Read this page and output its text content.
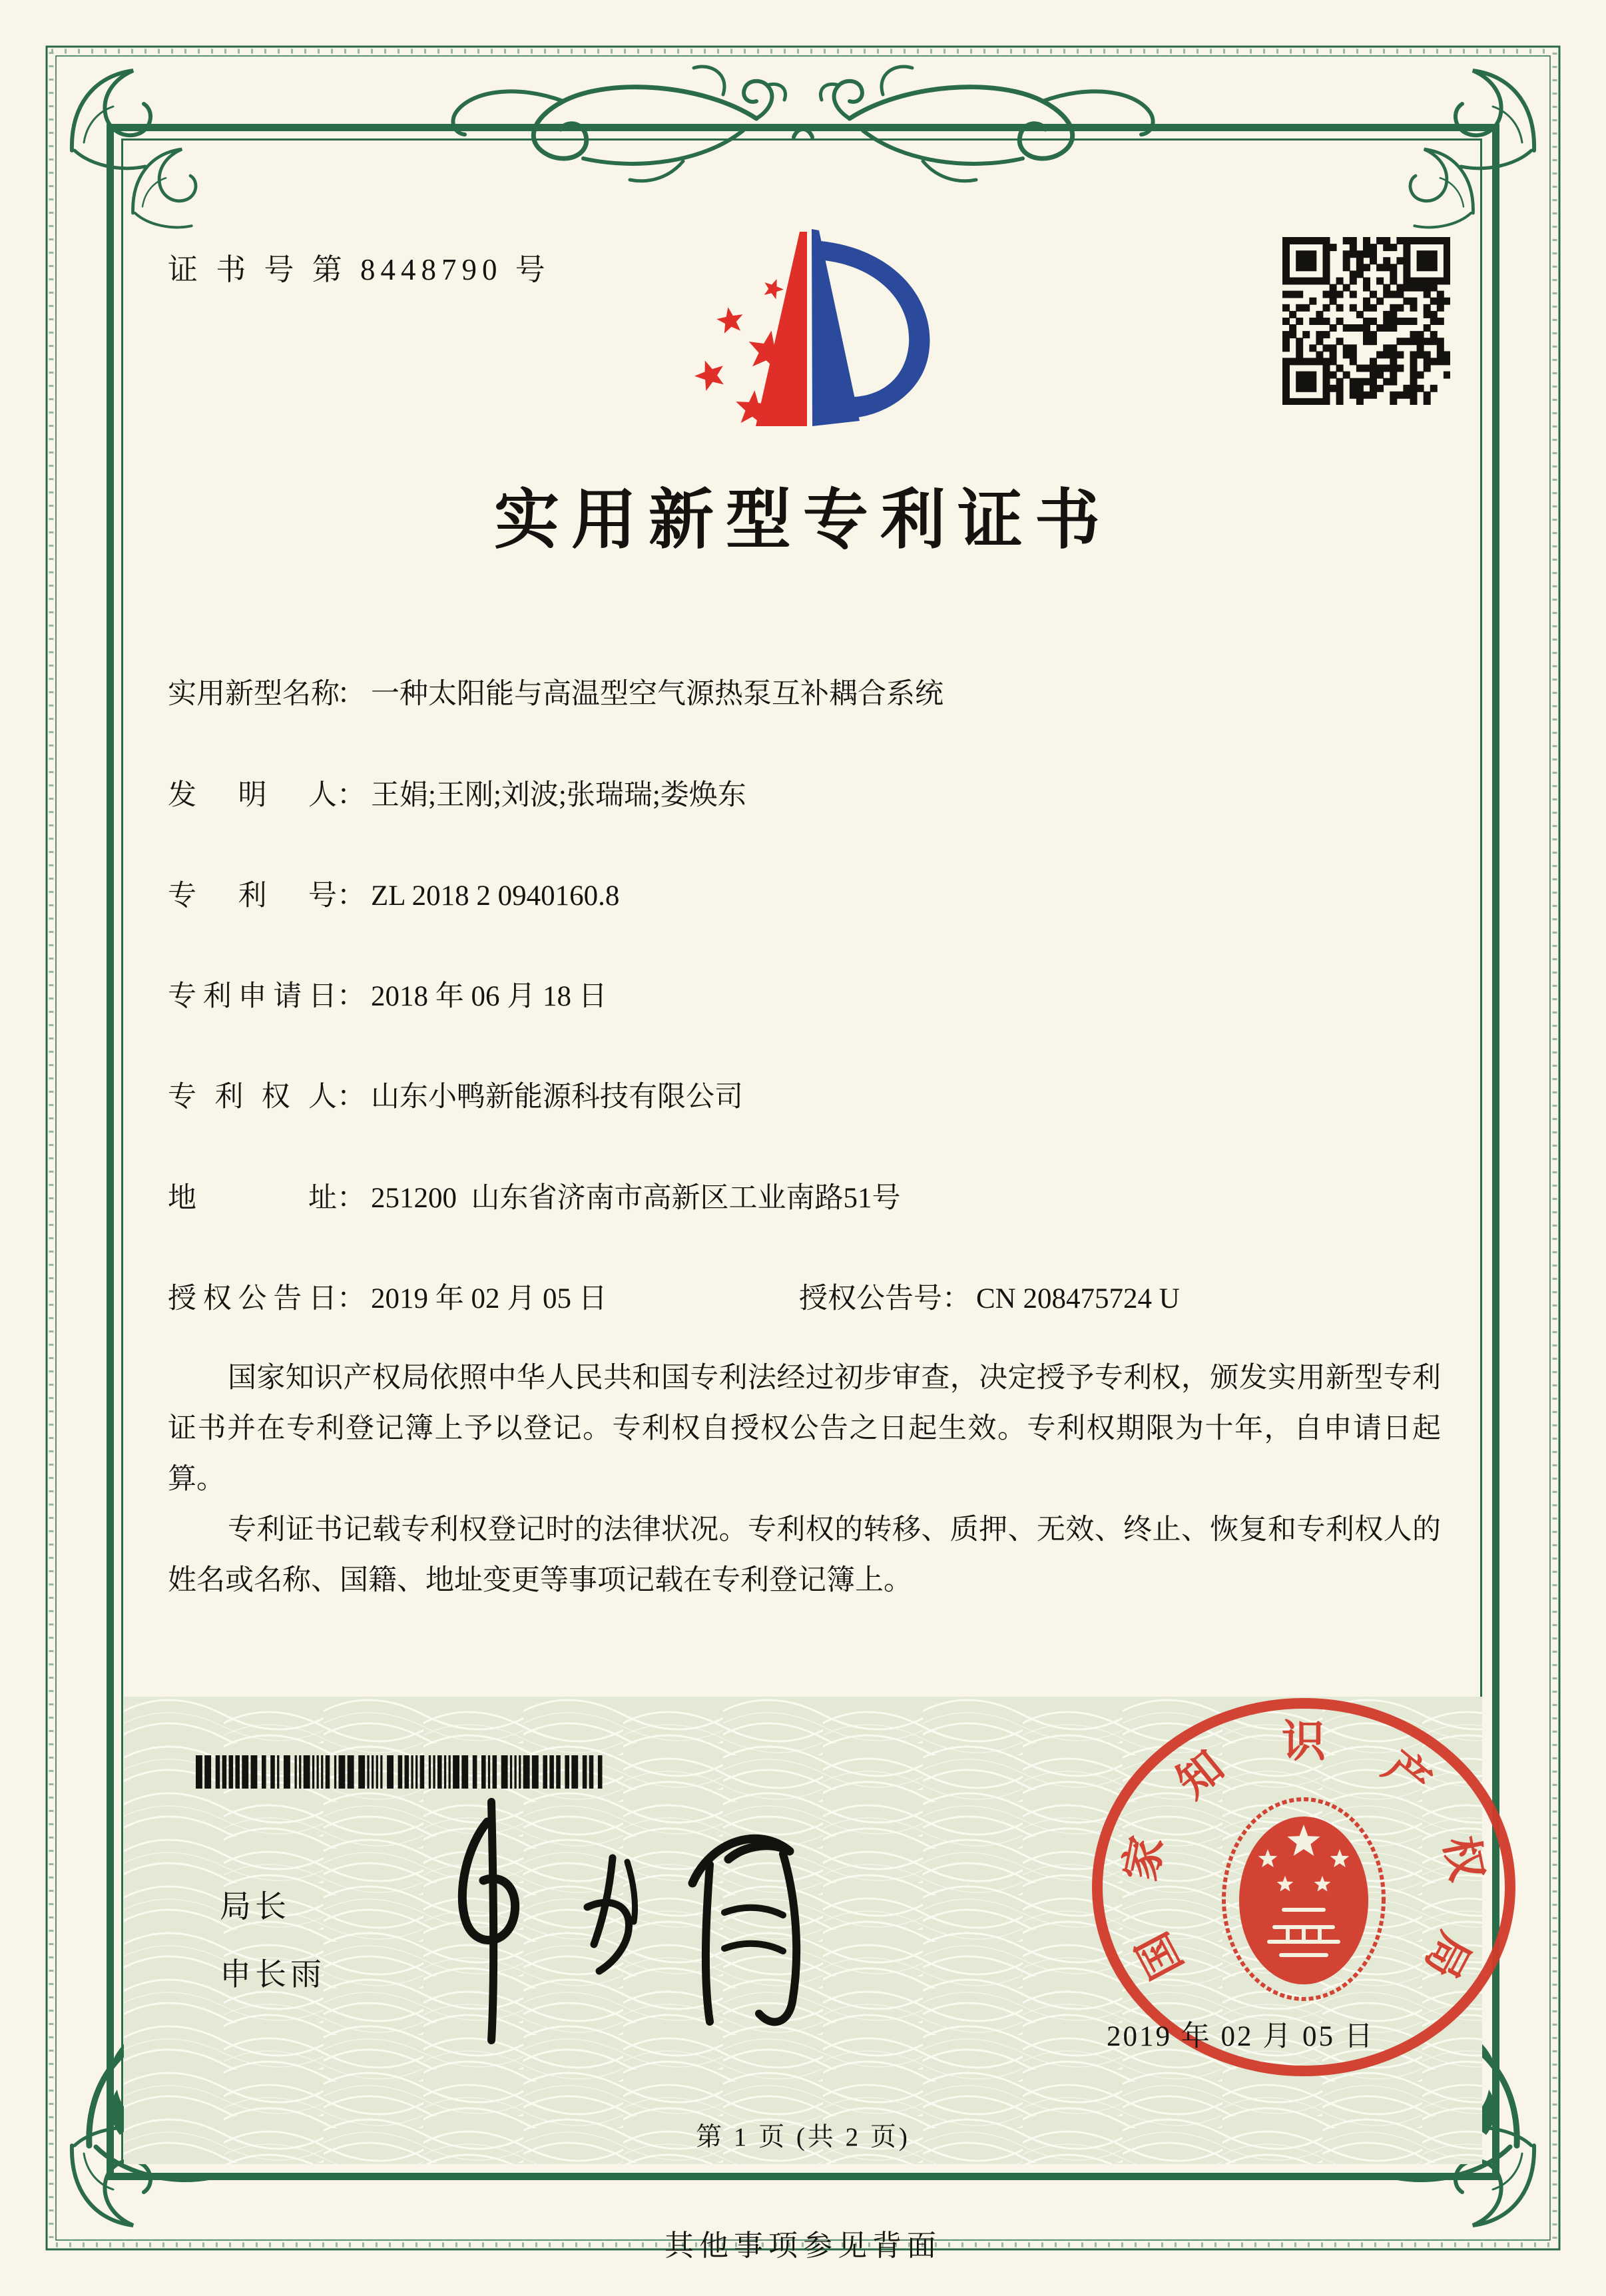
证 书 号 第 8448790 号
实用新型专利证书
实用新型名称： 一种太阳能与高温型空气源热泵互补耦合系统
发明人： 王娟;王刚;刘波;张瑞瑞;娄焕东
专利号： ZL 2018 2 0940160.8
专利申请日： 2018 年 06 月 18 日
专利权人： 山东小鸭新能源科技有限公司
地址： 251200  山东省济南市高新区工业南路51号
授权公告日： 2019 年 02 月 05 日	授权公告号： CN 208475724 U

国家知识产权局依照中华人民共和国专利法经过初步审查，决定授予专利权，颁发实用新型专利证书并在专利登记簿上予以登记。专利权自授权公告之日起生效。专利权期限为十年，自申请日起算。

专利证书记载专利权登记时的法律状况。专利权的转移、质押、无效、终止、恢复和专利权人的姓名或名称、国籍、地址变更等事项记载在专利登记簿上。

局长
申长雨	国
家
知
识
产
权
局
2019 年 02 月 05 日
第 1 页 (共 2 页)
其他事项参见背面
